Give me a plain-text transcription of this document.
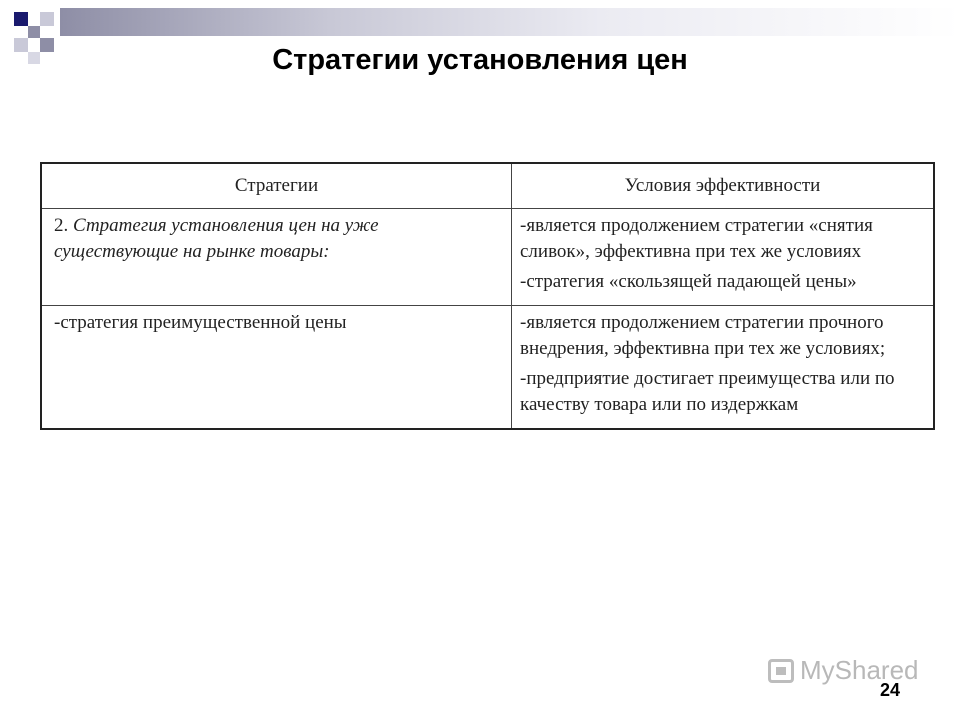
Стратегии установления цен
Стратегии	Условия эффективности
2. Стратегия установления цен на уже существующие на рынке товары:	-является продолжением стратегии «снятия сливок», эффективна при тех же условиях

-стратегия «скользящей падающей цены»

-стратегия преимущественной цены	-является продолжением стратегии прочного внедрения, эффективна при тех же условиях;

-предприятие достигает преимущества или по качеству товара или по издержкам

MyShared
24
